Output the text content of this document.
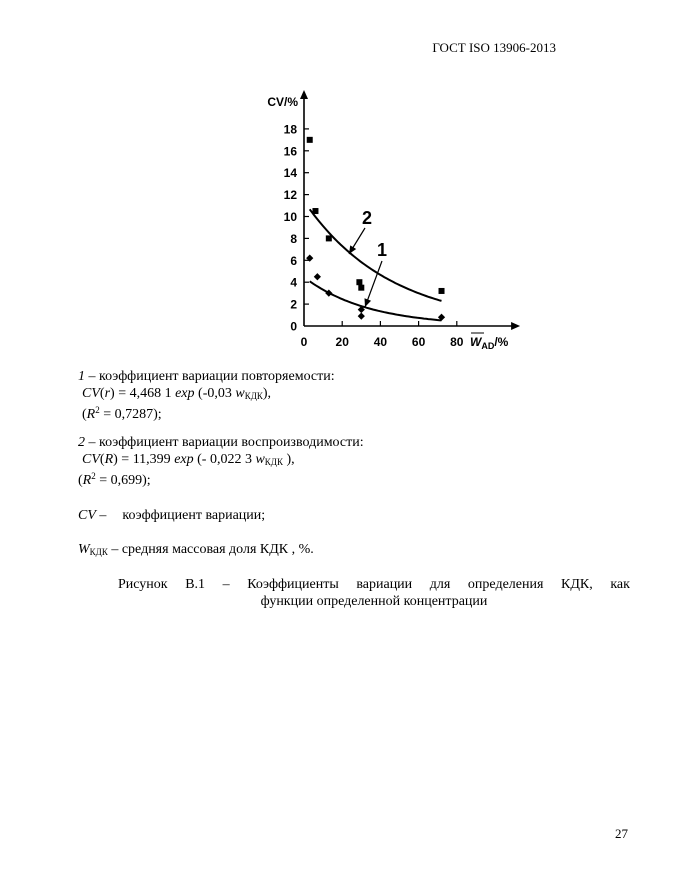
ГОСТ ISO 13906-2013
0
2
4
6
8
10
12
14
16
18
0 20 40 60 80
CV/%
$W_{AD}/\%$
2
1
1 – коэффициент вариации повторяемости:
CV(r) = 4,468 1 exp (-0,03 $w_{КДК}$),
$(R^2 = 0,7287)$;
2 – коэффициент вариации воспроизводимости:
CV(R) = 11,399 exp (- 0,022 3 $w_{КДК}$ ),
$(R^2 = 0,699)$;
CV – коэффициент вариации;
$W_{КДК}$ – средняя массовая доля КДК , %.
Рисунок В.1 – Коэффициенты вариации для определения КДК, как
функции определенной концентрации
27
